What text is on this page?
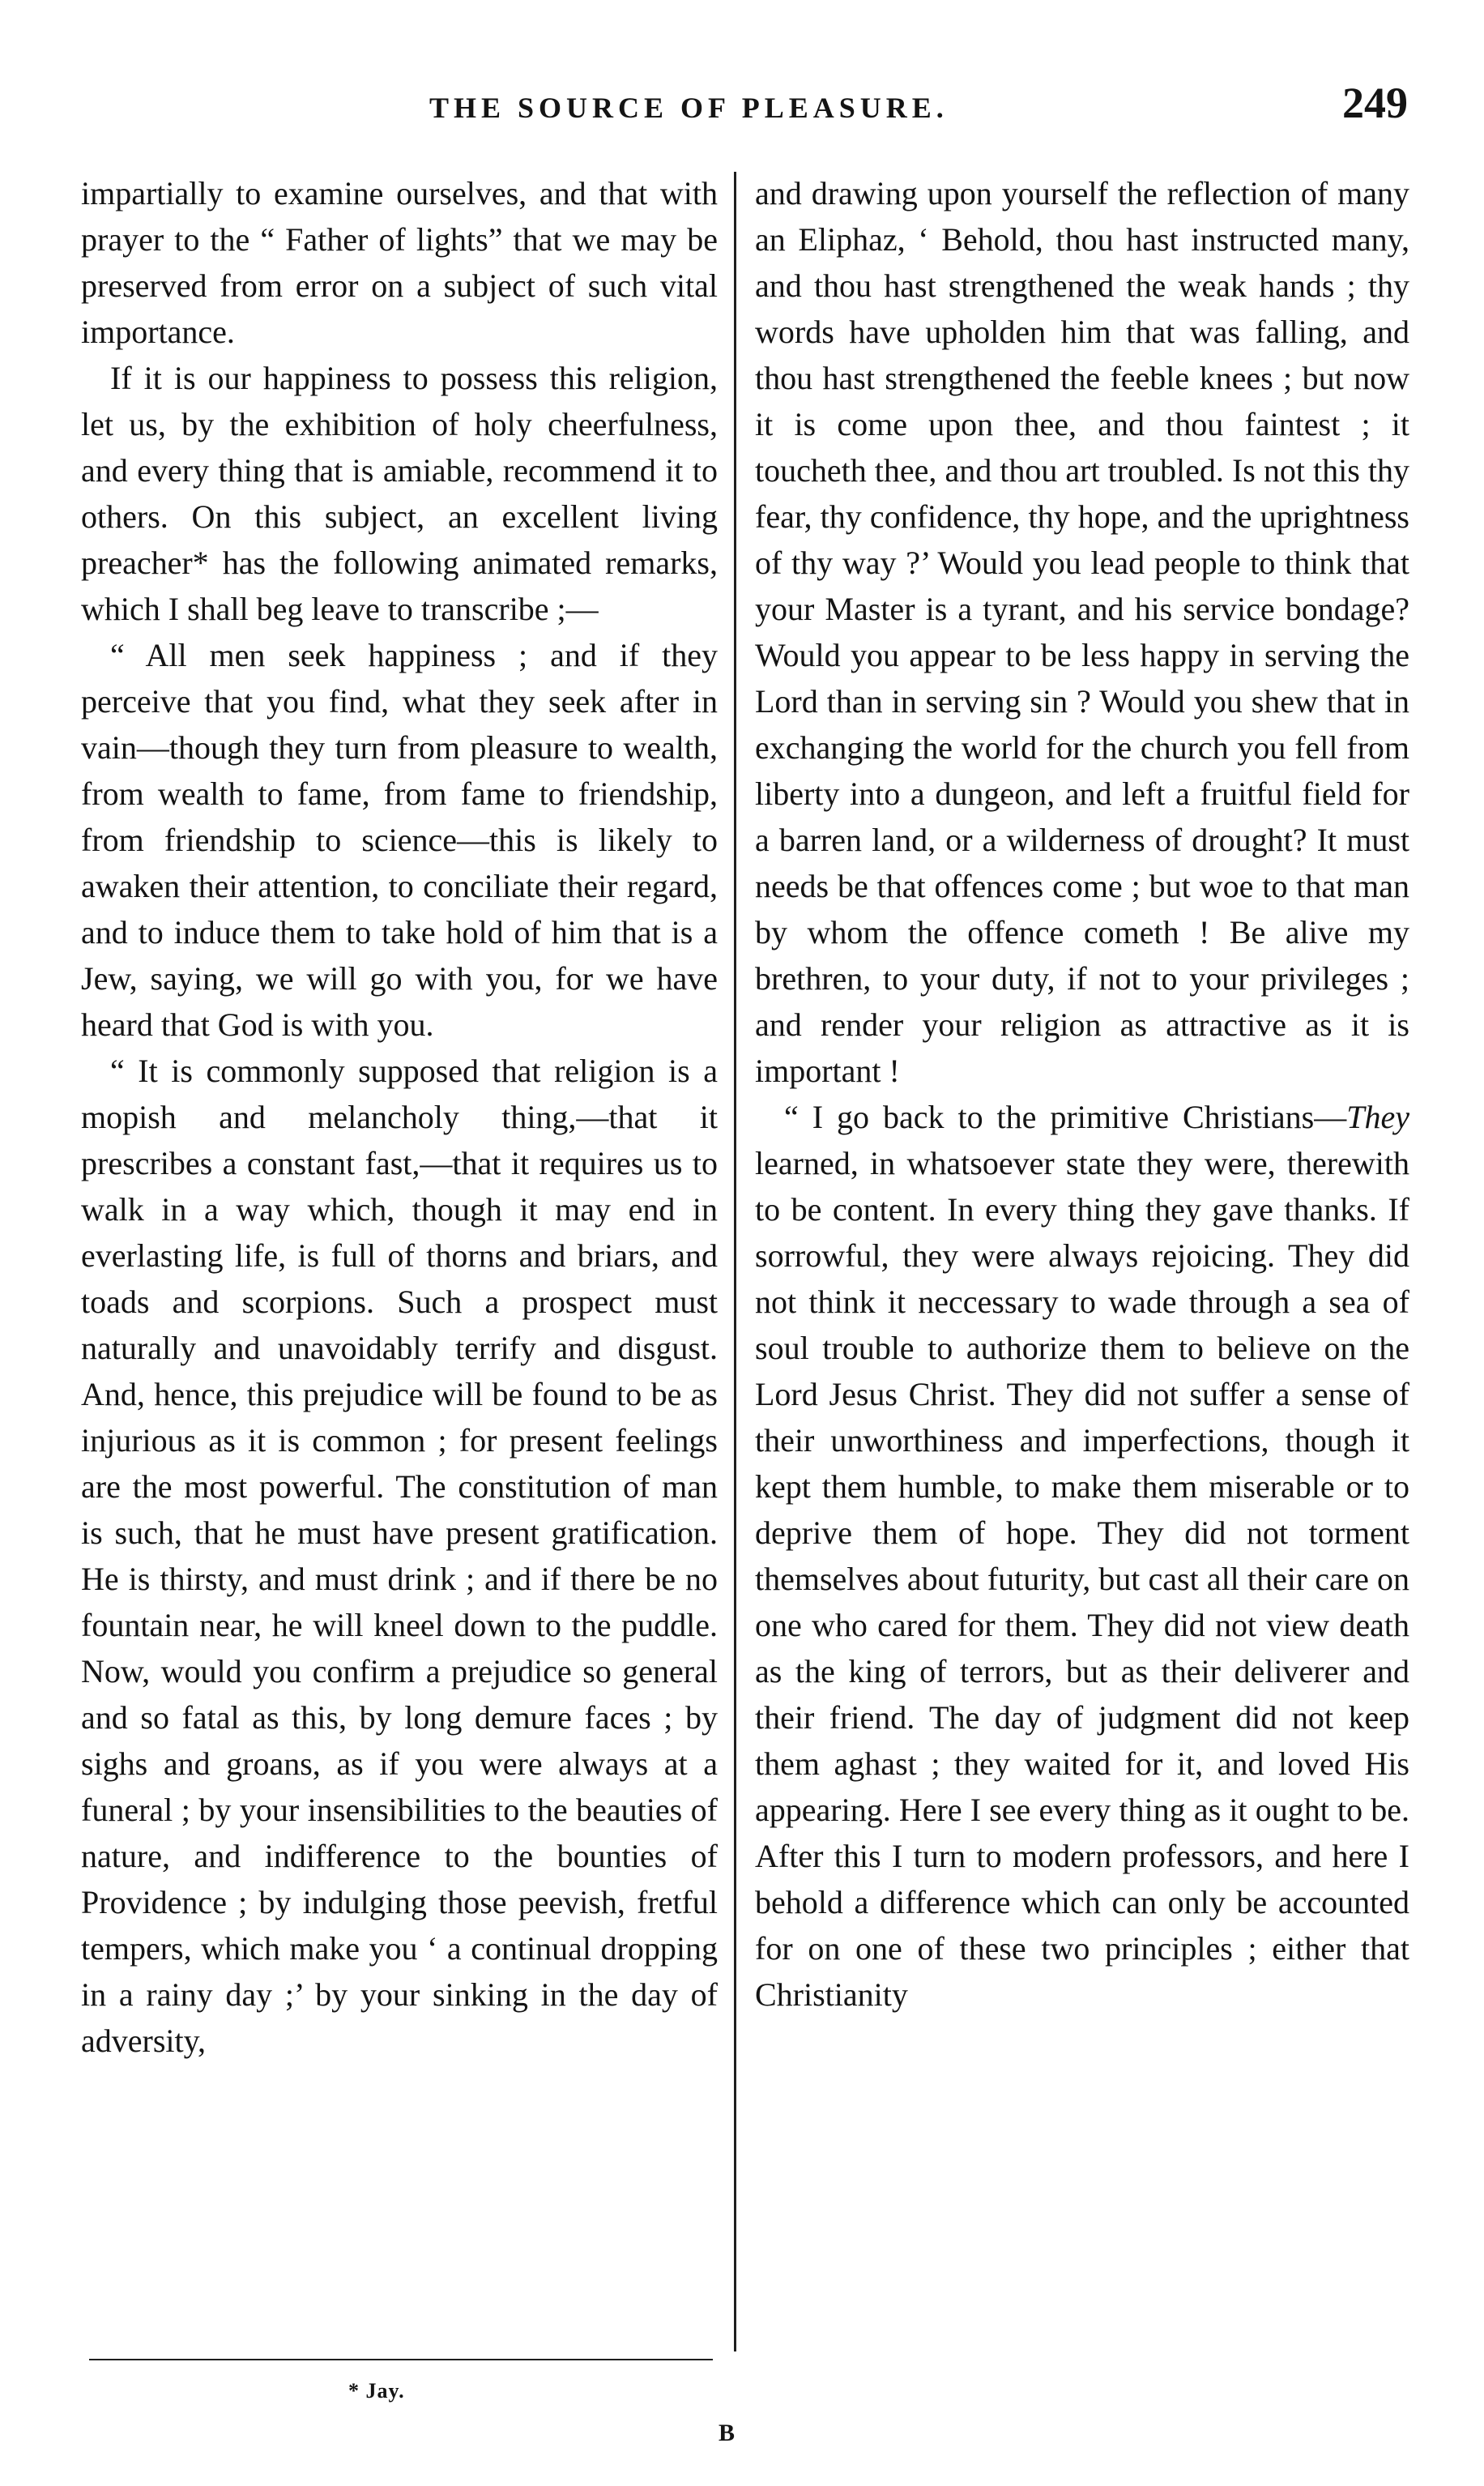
THE SOURCE OF PLEASURE.	249

impartially to examine ourselves, and that with prayer to the “ Father of lights” that we may be preserved from error on a subject of such vital importance.

If it is our happiness to possess this religion, let us, by the exhibition of holy cheerfulness, and every thing that is amiable, recommend it to others. On this subject, an excellent living preacher* has the following animated remarks, which I shall beg leave to transcribe ;—

“ All men seek happiness ; and if they perceive that you find, what they seek after in vain—though they turn from pleasure to wealth, from wealth to fame, from fame to friendship, from friendship to science—this is likely to awaken their attention, to conciliate their regard, and to induce them to take hold of him that is a Jew, saying, we will go with you, for we have heard that God is with you.

“ It is commonly supposed that religion is a mopish and melancholy thing,—that it prescribes a constant fast,—that it requires us to walk in a way which, though it may end in everlasting life, is full of thorns and briars, and toads and scorpions. Such a prospect must naturally and unavoidably terrify and disgust. And, hence, this prejudice will be found to be as injurious as it is common ; for present feelings are the most powerful. The constitution of man is such, that he must have present gratification. He is thirsty, and must drink ; and if there be no fountain near, he will kneel down to the puddle. Now, would you confirm a prejudice so general and so fatal as this, by long demure faces ; by sighs and groans, as if you were always at a funeral ; by your insensibilities to the beauties of nature, and indifference to the bounties of Providence ; by indulging those peevish, fretful tempers, which make you ‘ a continual dropping in a rainy day ;’ by your sinking in the day of adversity,

and drawing upon yourself the reflection of many an Eliphaz, ‘ Behold, thou hast instructed many, and thou hast strengthened the weak hands ; thy words have upholden him that was falling, and thou hast strengthened the feeble knees ; but now it is come upon thee, and thou faintest ; it toucheth thee, and thou art troubled. Is not this thy fear, thy confidence, thy hope, and the uprightness of thy way ?’ Would you lead people to think that your Master is a tyrant, and his service bondage? Would you appear to be less happy in serving the Lord than in serving sin ? Would you shew that in exchanging the world for the church you fell from liberty into a dungeon, and left a fruitful field for a barren land, or a wilderness of drought? It must needs be that offences come ; but woe to that man by whom the offence cometh ! Be alive my brethren, to your duty, if not to your privileges ; and render your religion as attractive as it is important !

“ I go back to the primitive Christians—They learned, in whatsoever state they were, therewith to be content. In every thing they gave thanks. If sorrowful, they were always rejoicing. They did not think it neccessary to wade through a sea of soul trouble to authorize them to believe on the Lord Jesus Christ. They did not suffer a sense of their unworthiness and imperfections, though it kept them humble, to make them miserable or to deprive them of hope. They did not torment themselves about futurity, but cast all their care on one who cared for them. They did not view death as the king of terrors, but as their deliverer and their friend. The day of judgment did not keep them aghast ; they waited for it, and loved His appearing. Here I see every thing as it ought to be. After this I turn to modern professors, and here I behold a difference which can only be accounted for on one of these two principles ; either that Christianity

* Jay.
B
